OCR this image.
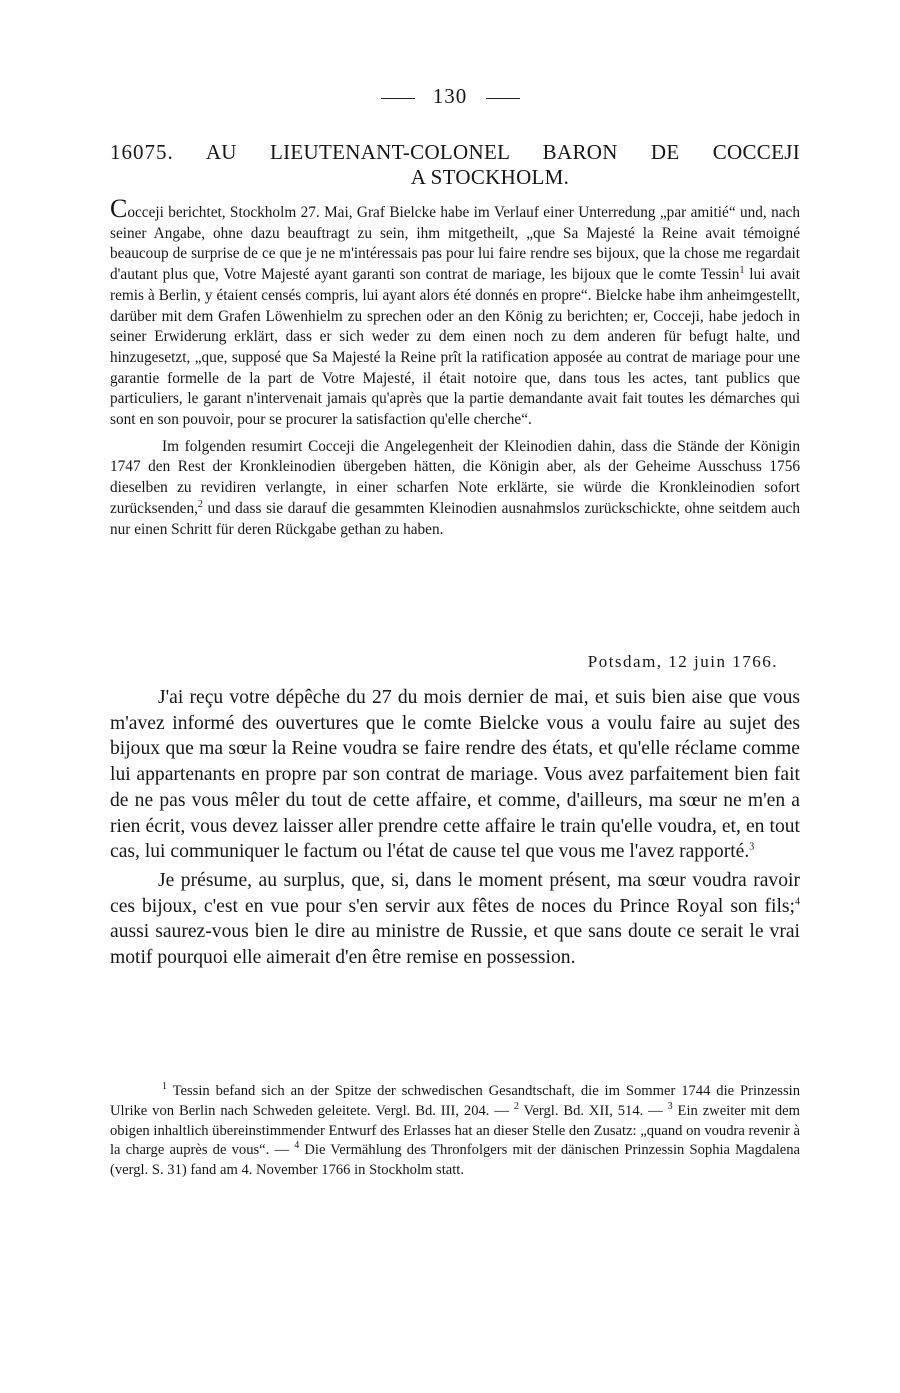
130
16075. AU LIEUTENANT-COLONEL BARON DE COCCEJI
A STOCKHOLM.

Cocceji berichtet, Stockholm 27. Mai, Graf Bielcke habe im Verlauf einer Unterredung „par amitié“ und, nach seiner Angabe, ohne dazu beauftragt zu sein, ihm mitgetheilt, „que Sa Majesté la Reine avait témoigné beaucoup de surprise de ce que je ne m'intéressais pas pour lui faire rendre ses bijoux, que la chose me regardait d'autant plus que, Votre Majesté ayant garanti son contrat de mariage, les bijoux que le comte Tessin$^1$ lui avait remis à Berlin, y étaient censés compris, lui ayant alors été donnés en propre“. Bielcke habe ihm anheimgestellt, darüber mit dem Grafen Löwenhielm zu sprechen oder an den König zu berichten; er, Cocceji, habe jedoch in seiner Erwiderung erklärt, dass er sich weder zu dem einen noch zu dem anderen für befugt halte, und hinzugesetzt, „que, supposé que Sa Majesté la Reine prît la ratification apposée au contrat de mariage pour une garantie formelle de la part de Votre Majesté, il était notoire que, dans tous les actes, tant publics que particuliers, le garant n'intervenait jamais qu'après que la partie demandante avait fait toutes les démarches qui sont en son pouvoir, pour se procurer la satisfaction qu'elle cherche“.

Im folgenden resumirt Cocceji die Angelegenheit der Kleinodien dahin, dass die Stände der Königin 1747 den Rest der Kronkleinodien übergeben hätten, die Königin aber, als der Geheime Ausschuss 1756 dieselben zu revidiren verlangte, in einer scharfen Note erklärte, sie würde die Kronkleinodien sofort zurücksenden,$^2$ und dass sie darauf die gesammten Kleinodien ausnahmslos zurückschickte, ohne seitdem auch nur einen Schritt für deren Rückgabe gethan zu haben.

Potsdam, 12 juin 1766.

J'ai reçu votre dépêche du 27 du mois dernier de mai, et suis bien aise que vous m'avez informé des ouvertures que le comte Bielcke vous a voulu faire au sujet des bijoux que ma sœur la Reine voudra se faire rendre des états, et qu'elle réclame comme lui appartenants en propre par son contrat de mariage. Vous avez parfaitement bien fait de ne pas vous mêler du tout de cette affaire, et comme, d'ailleurs, ma sœur ne m'en a rien écrit, vous devez laisser aller prendre cette affaire le train qu'elle voudra, et, en tout cas, lui communiquer le factum ou l'état de cause tel que vous me l'avez rapporté.$^3$

Je présume, au surplus, que, si, dans le moment présent, ma sœur voudra ravoir ces bijoux, c'est en vue pour s'en servir aux fêtes de noces du Prince Royal son fils;$^4$ aussi saurez-vous bien le dire au ministre de Russie, et que sans doute ce serait le vrai motif pourquoi elle aimerait d'en être remise en possession.

$^1$ Tessin befand sich an der Spitze der schwedischen Gesandtschaft, die im Sommer 1744 die Prinzessin Ulrike von Berlin nach Schweden geleitete. Vergl. Bd. III, 204. — $^2$ Vergl. Bd. XII, 514. — $^3$ Ein zweiter mit dem obigen inhaltlich übereinstimmender Entwurf des Erlasses hat an dieser Stelle den Zusatz: „quand on voudra revenir à la charge auprès de vous“. — $^4$ Die Vermählung des Thronfolgers mit der dänischen Prinzessin Sophia Magdalena (vergl. S. 31) fand am 4. November 1766 in Stockholm statt.
